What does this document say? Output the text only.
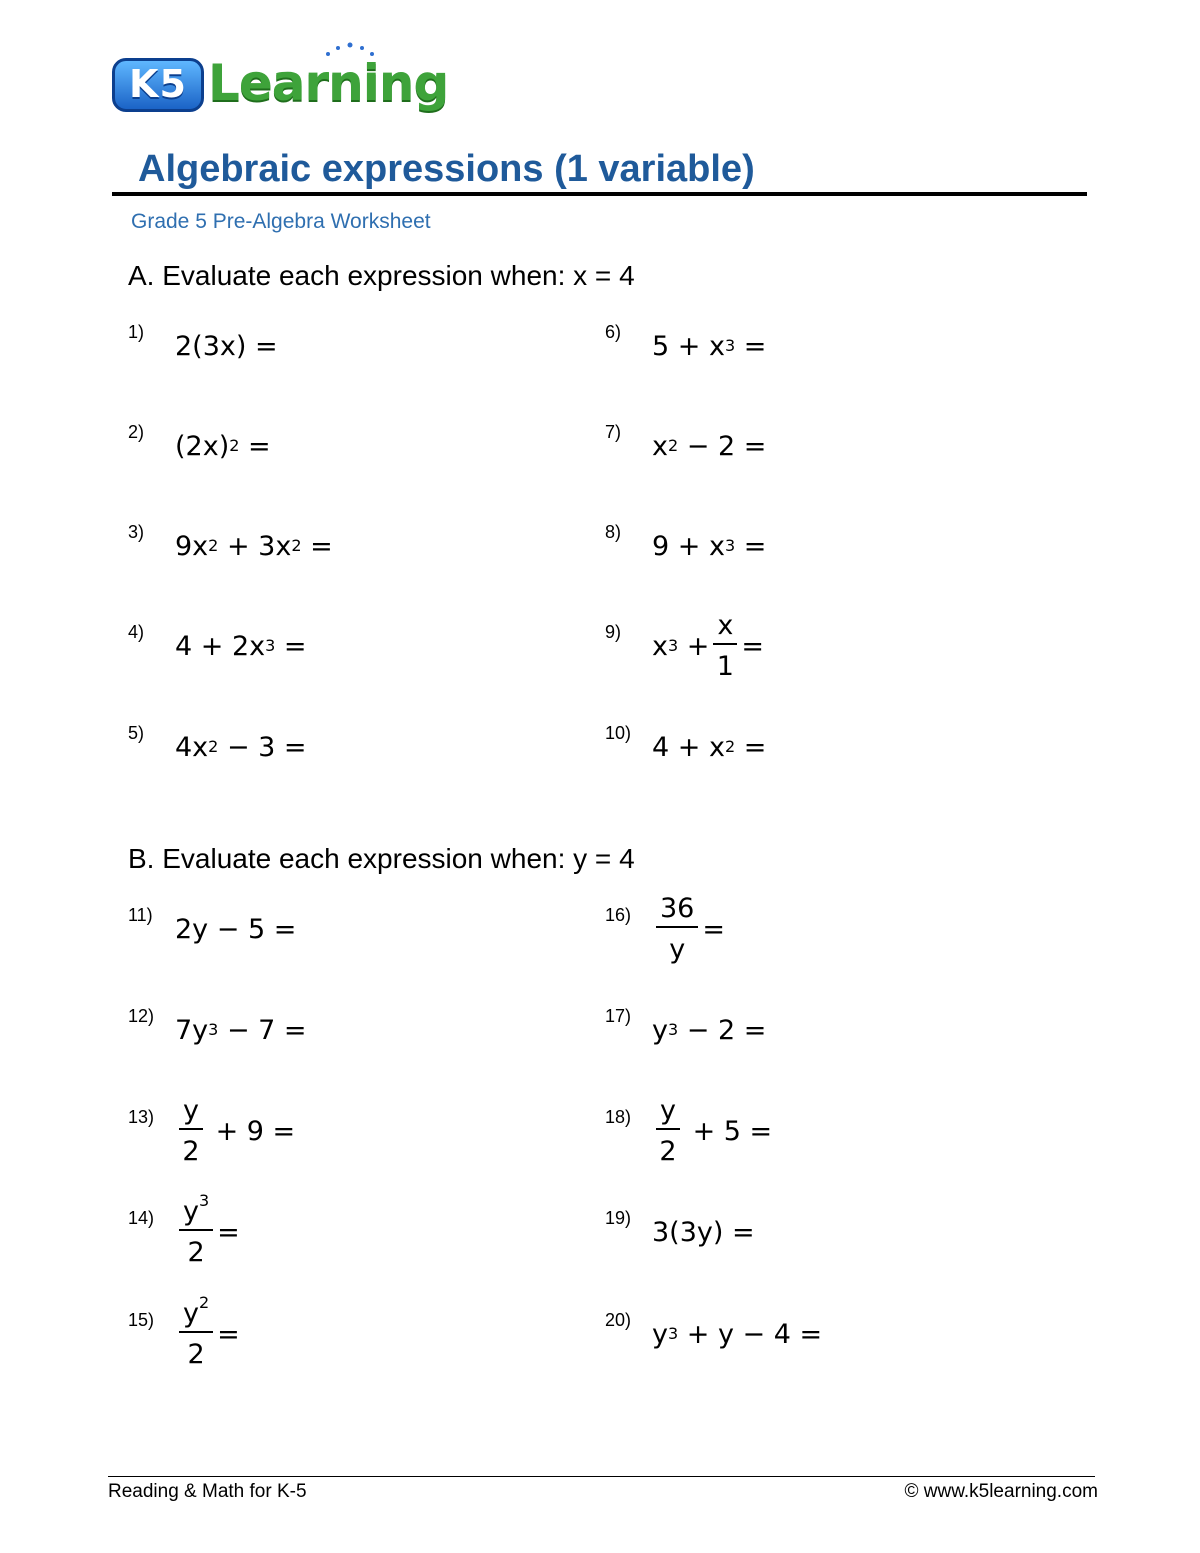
K5 Learning
Algebraic expressions (1 variable)
Grade 5 Pre-Algebra Worksheet
A. Evaluate each expression when: x = 4
B. Evaluate each expression when: y = 4
1) 2(3x) =
2) (2x) 2 =
3) 9x 2 + 3x 2 =
4) 4 + 2x 3 =
5) 4x 2 − 3 =
6) 5 + x 3 =
7) x 2 − 2 =
8) 9 + x 3 =
9) x $3 + \frac{x}{1}$ =
10) 4 + x 2 =
11) 2y − 5 =
12) 7y 3 − 7 =
$13) \frac{y}{2} + 9$ =
$14) \frac{y^3}{2}$ =
$15) \frac{y^2}{2}$ =
$16) \frac{36}{y}$ =
17) y 3 − 2 =
$18) \frac{y}{2} + 5$ =
19) 3(3y) =
20) y 3 + y − 4 =
Reading & Math for K-5	© www.k5learning.com
